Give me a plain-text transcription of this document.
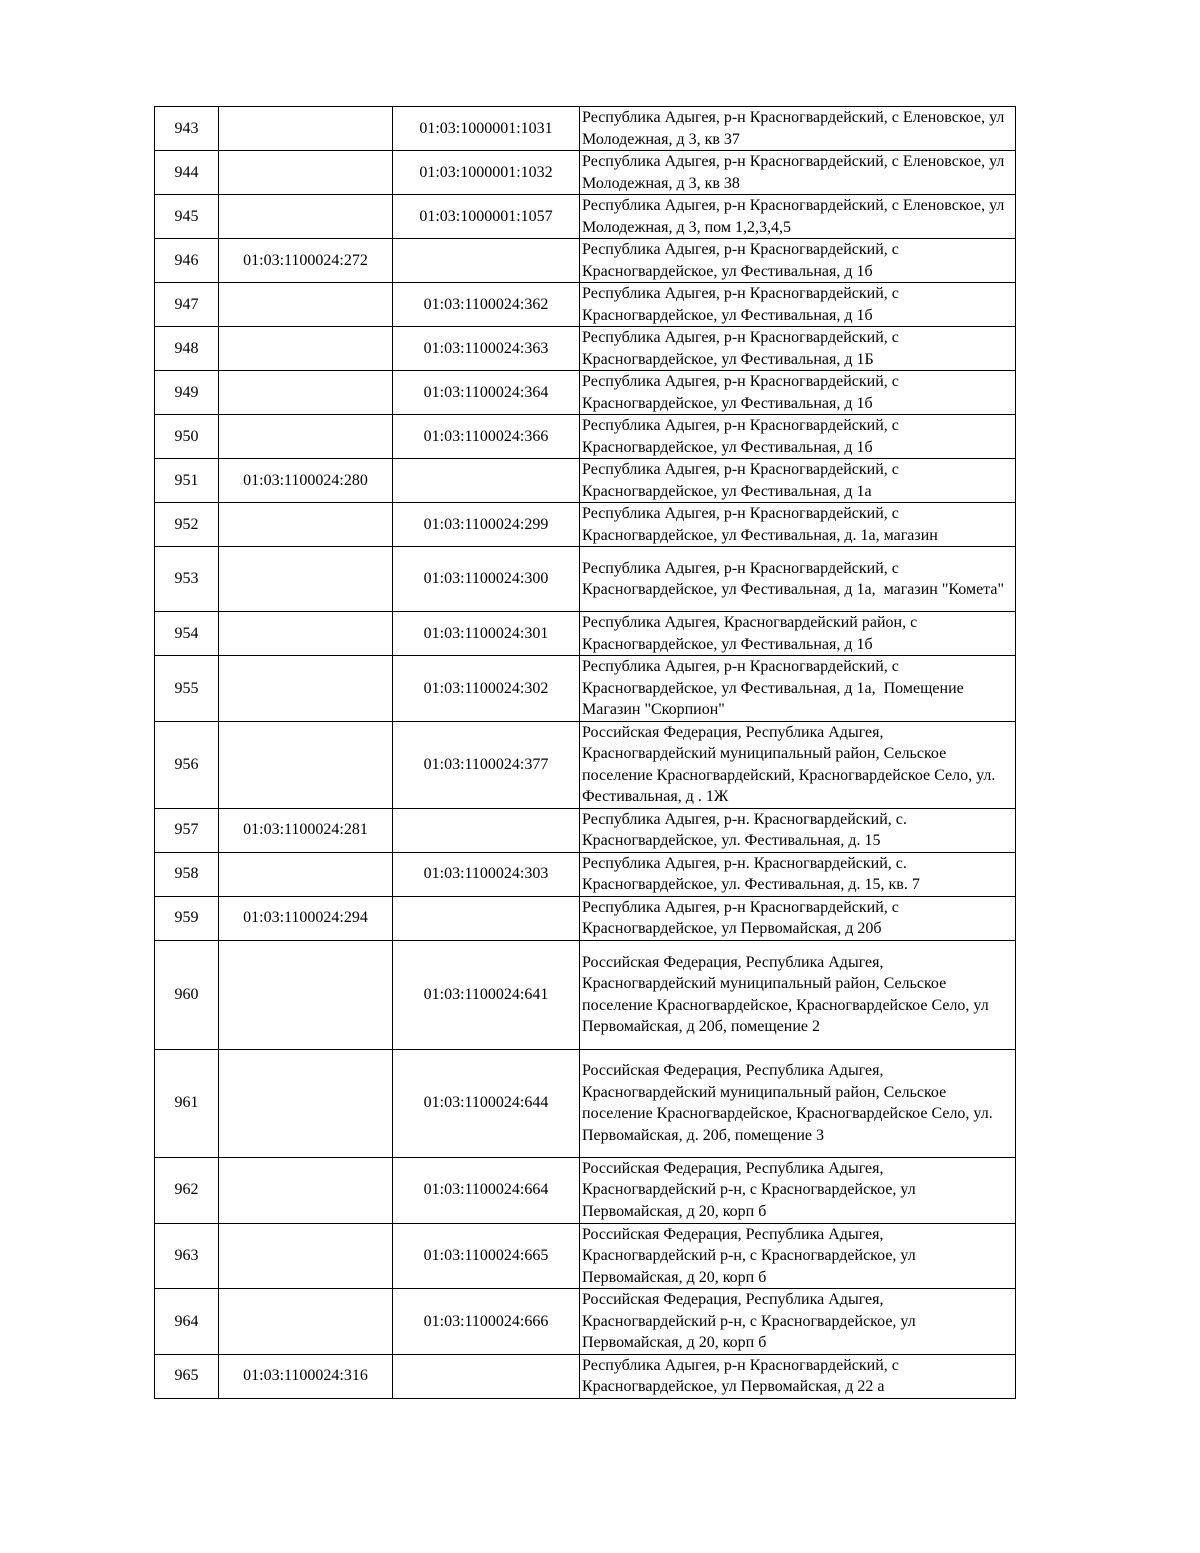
943		01:03:1000001:1031	Республика Адыгея, р-н Красногвардейский, с Еленовское, ул Молодежная, д 3, кв 37
944		01:03:1000001:1032	Республика Адыгея, р-н Красногвардейский, с Еленовское, ул Молодежная, д 3, кв 38
945		01:03:1000001:1057	Республика Адыгея, р-н Красногвардейский, с Еленовское, ул Молодежная, д 3, пом 1,2,3,4,5
946	01:03:1100024:272		Республика Адыгея, р-н Красногвардейский, с Красногвардейское, ул Фестивальная, д 1б
947		01:03:1100024:362	Республика Адыгея, р-н Красногвардейский, с Красногвардейское, ул Фестивальная, д 1б
948		01:03:1100024:363	Республика Адыгея, р-н Красногвардейский, с Красногвардейское, ул Фестивальная, д 1Б
949		01:03:1100024:364	Республика Адыгея, р-н Красногвардейский, с Красногвардейское, ул Фестивальная, д 1б
950		01:03:1100024:366	Республика Адыгея, р-н Красногвардейский, с Красногвардейское, ул Фестивальная, д 1б
951	01:03:1100024:280		Республика Адыгея, р-н Красногвардейский, с Красногвардейское, ул Фестивальная, д 1а
952		01:03:1100024:299	Республика Адыгея, р-н Красногвардейский, с Красногвардейское, ул Фестивальная, д. 1а, магазин
953		01:03:1100024:300	Республика Адыгея, р-н Красногвардейский, с Красногвардейское, ул Фестивальная, д 1а,  магазин "Комета"
954		01:03:1100024:301	Республика Адыгея, Красногвардейский район, с Красногвардейское, ул Фестивальная, д 1б
955		01:03:1100024:302	Республика Адыгея, р-н Красногвардейский, с Красногвардейское, ул Фестивальная, д 1а,  Помещение Магазин "Скорпион"
956		01:03:1100024:377	Российская Федерация, Республика Адыгея, Красногвардейский муниципальный район, Сельское поселение Красногвардейский, Красногвардейское Село, ул. Фестивальная, д . 1Ж
957	01:03:1100024:281		Республика Адыгея, р-н. Красногвардейский, с. Красногвардейское, ул. Фестивальная, д. 15
958		01:03:1100024:303	Республика Адыгея, р-н. Красногвардейский, с. Красногвардейское, ул. Фестивальная, д. 15, кв. 7
959	01:03:1100024:294		Республика Адыгея, р-н Красногвардейский, с Красногвардейское, ул Первомайская, д 20б
960		01:03:1100024:641	Российская Федерация, Республика Адыгея, Красногвардейский муниципальный район, Сельское поселение Красногвардейское, Красногвардейское Село, ул Первомайская, д 20б, помещение 2
961		01:03:1100024:644	Российская Федерация, Республика Адыгея, Красногвардейский муниципальный район, Сельское поселение Красногвардейское, Красногвардейское Село, ул. Первомайская, д. 20б, помещение 3
962		01:03:1100024:664	Российская Федерация, Республика Адыгея, Красногвардейский р-н, с Красногвардейское, ул Первомайская, д 20, корп б
963		01:03:1100024:665	Российская Федерация, Республика Адыгея, Красногвардейский р-н, с Красногвардейское, ул Первомайская, д 20, корп б
964		01:03:1100024:666	Российская Федерация, Республика Адыгея, Красногвардейский р-н, с Красногвардейское, ул Первомайская, д 20, корп б
965	01:03:1100024:316		Республика Адыгея, р-н Красногвардейский, с Красногвардейское, ул Первомайская, д 22 а
